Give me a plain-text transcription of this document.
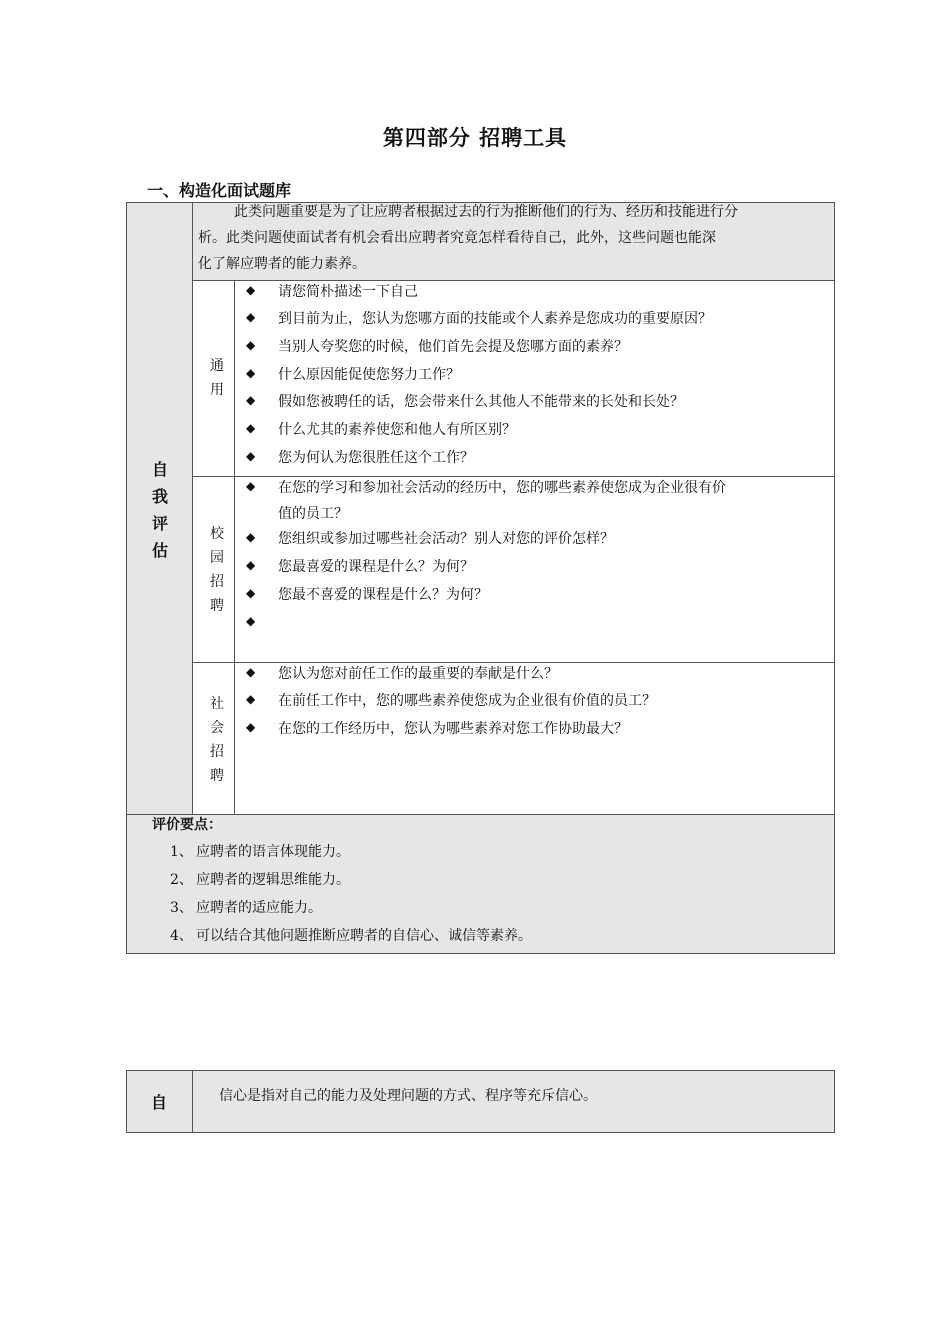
第四部分 招聘工具
一、构造化面试题库
自
我
评
估
此类问题重要是为了让应聘者根据过去的行为推断他们的行为、经历和技能进行分
析。此类问题使面试者有机会看出应聘者究竟怎样看待自己，此外，这些问题也能深
化了解应聘者的能力素养。
通
用
校
园
招
聘
社
会
招
聘
◆ 请您简朴描述一下自己
◆ 到目前为止，您认为您哪方面的技能或个人素养是您成功的重要原因？
◆ 当别人夸奖您的时候，他们首先会提及您哪方面的素养？
◆ 什么原因能促使您努力工作？
◆ 假如您被聘任的话，您会带来什么其他人不能带来的长处和长处？
◆ 什么尤其的素养使您和他人有所区别？
◆ 您为何认为您很胜任这个工作？
◆ 在您的学习和参加社会活动的经历中，您的哪些素养使您成为企业很有价
值的员工？
◆ 您组织或参加过哪些社会活动？别人对您的评价怎样？
◆ 您最喜爱的课程是什么？为何？
◆ 您最不喜爱的课程是什么？为何？
◆
◆ 您认为您对前任工作的最重要的奉献是什么？
◆ 在前任工作中，您的哪些素养使您成为企业很有价值的员工？
◆ 在您的工作经历中，您认为哪些素养对您工作协助最大？
评价要点：
1、 应聘者的语言体现能力。
2、 应聘者的逻辑思维能力。
3、 应聘者的适应能力。
4、 可以结合其他问题推断应聘者的自信心、诚信等素养。
自	信心是指对自己的能力及处理问题的方式、程序等充斥信心。
